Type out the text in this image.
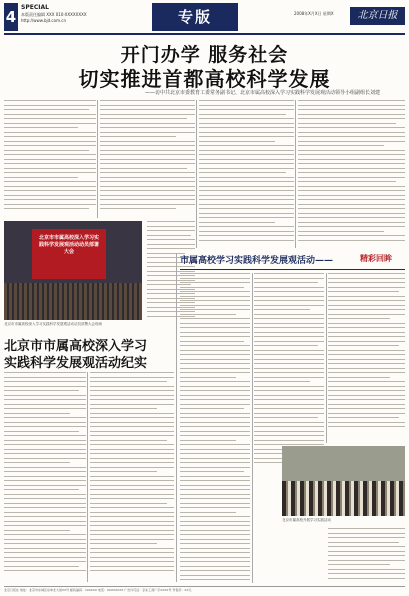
4
SPECIAL
本版责任编辑 XXX 010-XXXXXXXX
http://www.bjd.com.cn	专版	2008年X月X日 星期X	北京日报
开门办学 服务社会
切实推进首都高校科学发展
——访中共北京市委教育工委常务副书记、北京市属高校深入学习实践科学发展观活动领导小组副组长刘建
北京市市属高校深入学习实践科学发展观活动动员部署大会
北京市市属高校深入学习实践科学发展观活动动员部署大会现场
北京市市属高校深入学习
实践科学发展观活动纪实
市属高校学习实践科学发展观活动——	精彩回眸
北京市属高校开展学习实践活动
北京日报社 地址：北京市东城区东单北大街XX号 邮政编码：100XXX 电话：XXXXXXXX 广告许可证：京东工商广字XXXX号 零售价：XX元
